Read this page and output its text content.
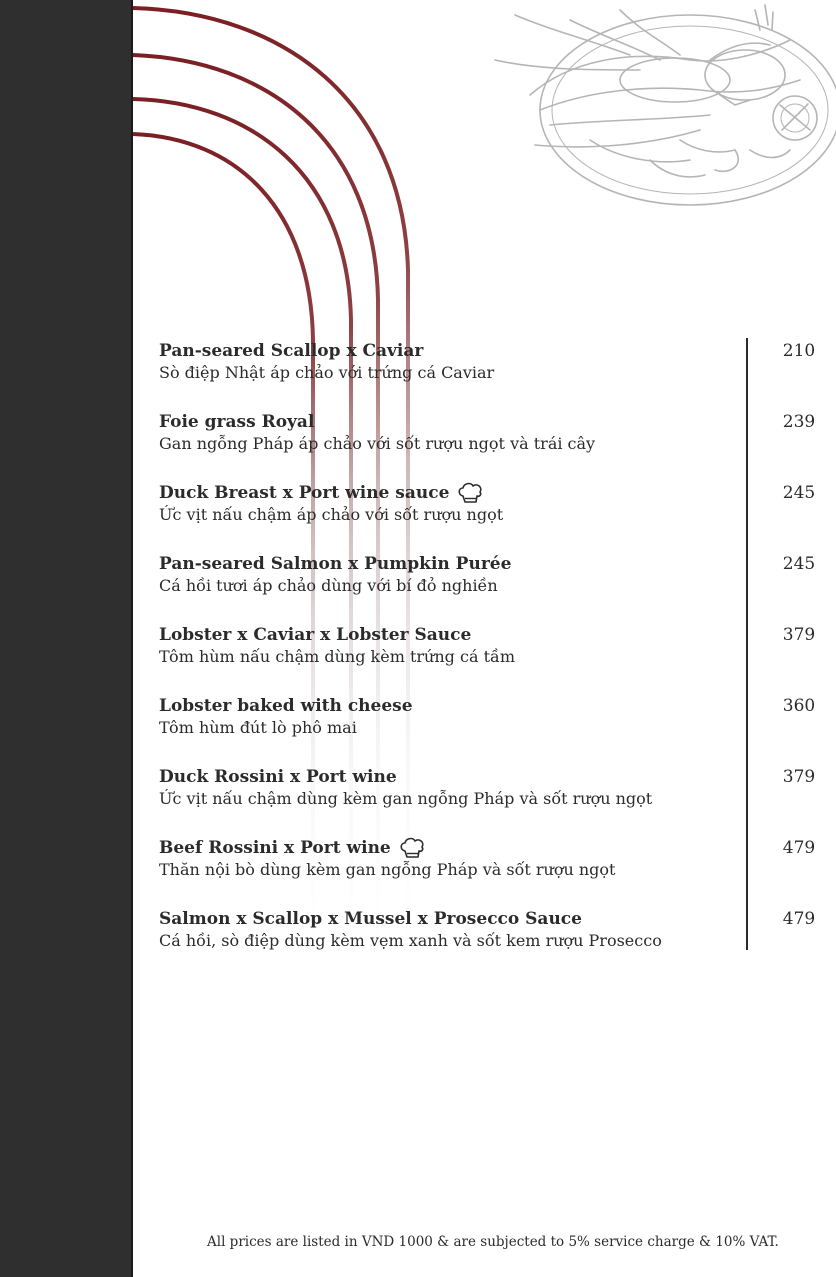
Pan-seared Scallop x Caviar
Sò điệp Nhật áp chảo với trứng cá Caviar
210
Foie grass Royal
Gan ngỗng Pháp áp chảo với sốt rượu ngọt và trái cây
239
Duck Breast x Port wine sauce
Ức vịt nấu chậm áp chảo với sốt rượu ngọt
245
Pan-seared Salmon x Pumpkin Purée
Cá hồi tươi áp chảo dùng với bí đỏ nghiền
245
Lobster x Caviar x Lobster Sauce
Tôm hùm nấu chậm dùng kèm trứng cá tầm
379
Lobster baked with cheese
Tôm hùm đút lò phô mai
360
Duck Rossini x Port wine
Ức vịt nấu chậm dùng kèm gan ngỗng Pháp và sốt rượu ngọt
379
Beef Rossini x Port wine
Thăn nội bò dùng kèm gan ngỗng Pháp và sốt rượu ngọt
479
Salmon x Scallop x Mussel x Prosecco Sauce
Cá hồi, sò điệp dùng kèm vẹm xanh và sốt kem rượu Prosecco
479
All prices are listed in VND 1000 & are subjected to 5% service charge & 10% VAT.
